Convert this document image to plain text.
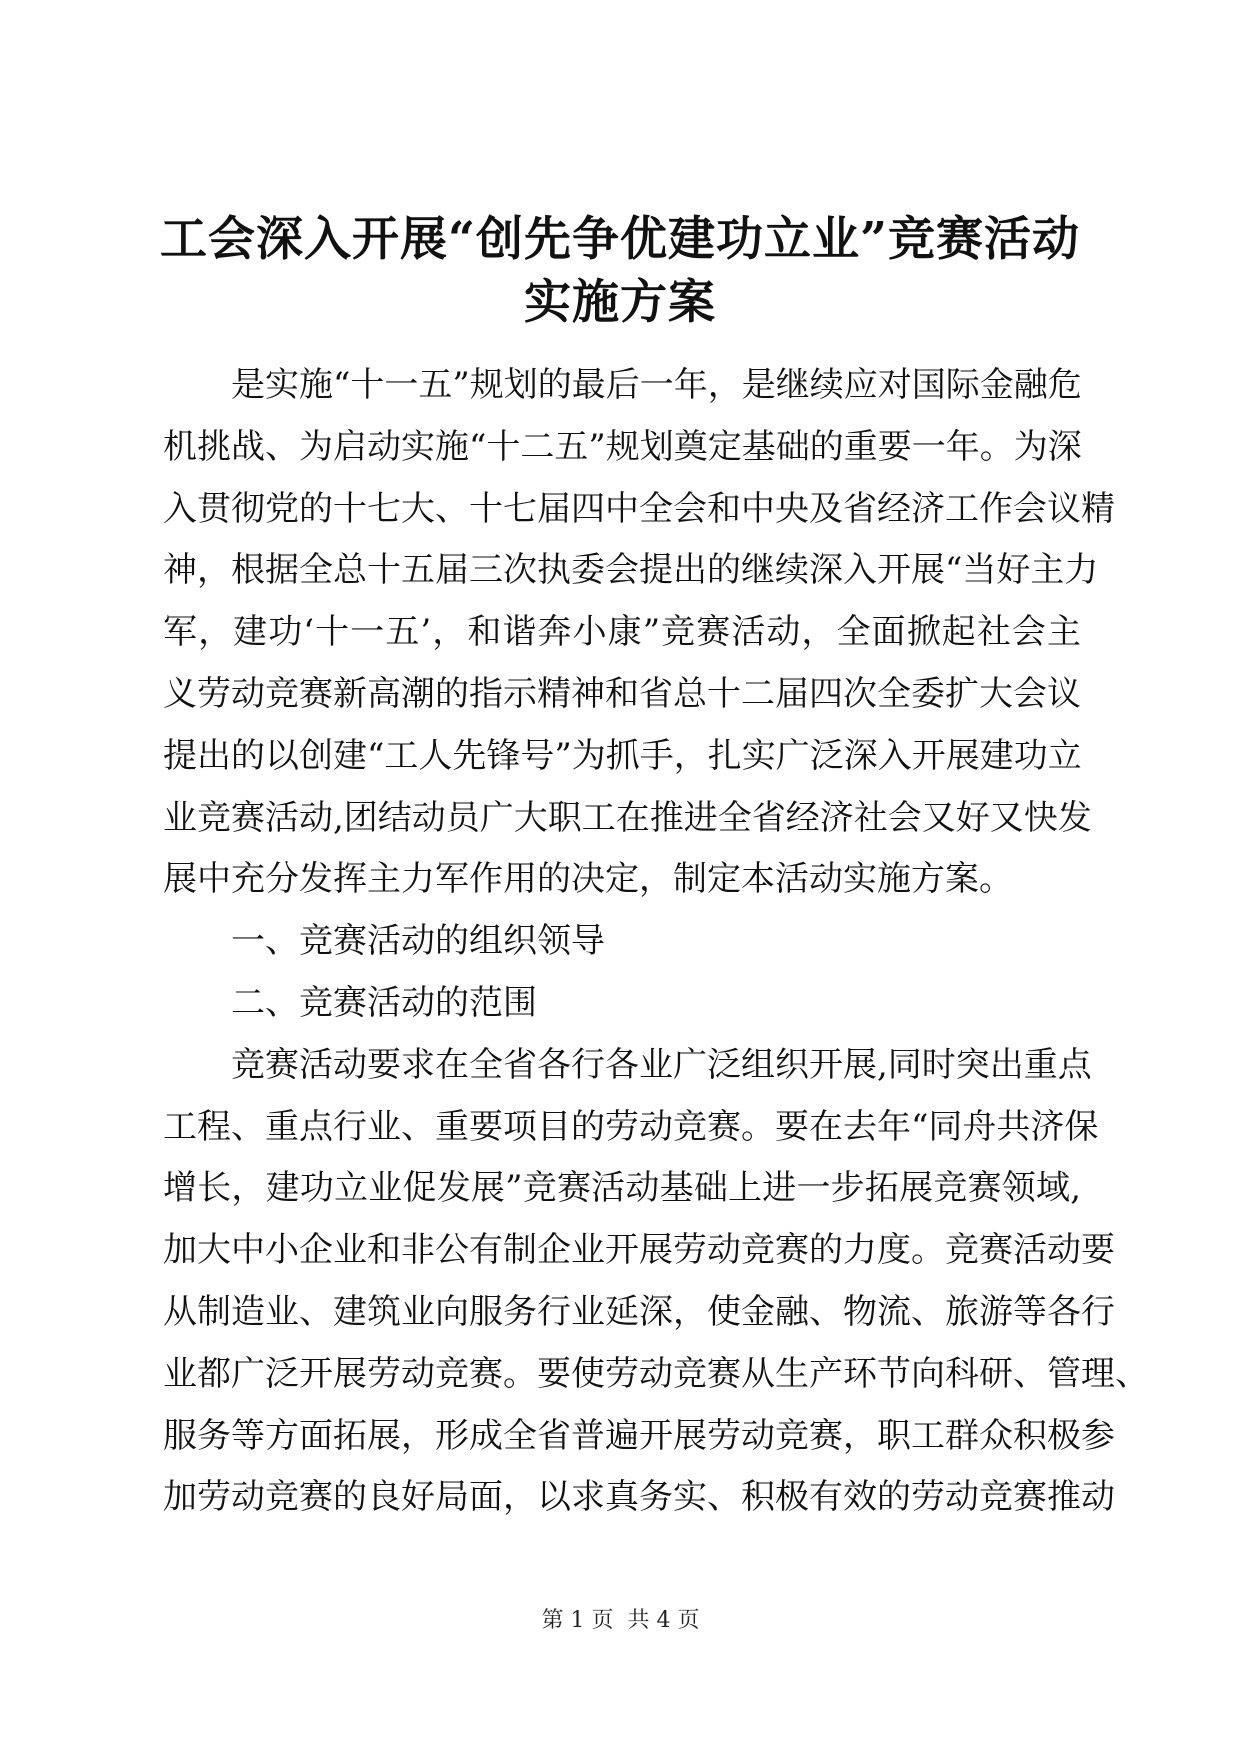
工会深入开展“创先争优建功立业”竞赛活动
实施方案
是实施“十一五”规划的最后一年，是继续应对国际金融危
机挑战、为启动实施“十二五”规划奠定基础的重要一年。为深
入贯彻党的十七大、十七届四中全会和中央及省经济工作会议精
神，根据全总十五届三次执委会提出的继续深入开展“当好主力
军，建功‘十一五’，和谐奔小康”竞赛活动，全面掀起社会主
义劳动竞赛新高潮的指示精神和省总十二届四次全委扩大会议
提出的以创建“工人先锋号”为抓手，扎实广泛深入开展建功立
业竞赛活动,团结动员广大职工在推进全省经济社会又好又快发
展中充分发挥主力军作用的决定，制定本活动实施方案。
一、竞赛活动的组织领导
二、竞赛活动的范围
竞赛活动要求在全省各行各业广泛组织开展,同时突出重点
工程、重点行业、重要项目的劳动竞赛。要在去年“同舟共济保
增长，建功立业促发展”竞赛活动基础上进一步拓展竞赛领域,
加大中小企业和非公有制企业开展劳动竞赛的力度。竞赛活动要
从制造业、建筑业向服务行业延深，使金融、物流、旅游等各行
业都广泛开展劳动竞赛。要使劳动竞赛从生产环节向科研、管理、
服务等方面拓展，形成全省普遍开展劳动竞赛，职工群众积极参
加劳动竞赛的良好局面，以求真务实、积极有效的劳动竞赛推动
第 1 页  共 4 页
